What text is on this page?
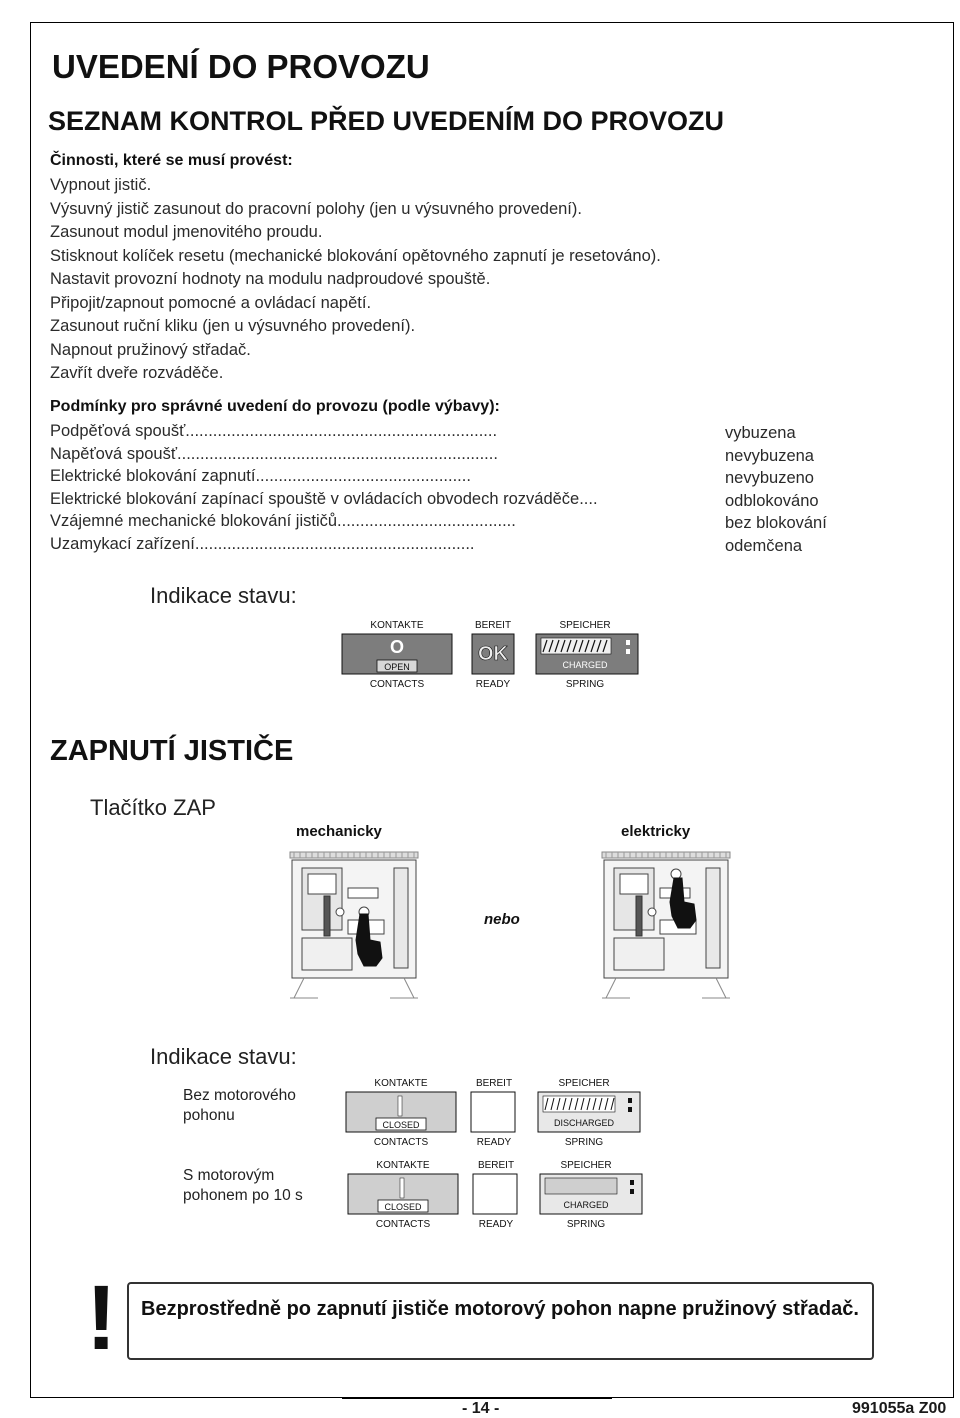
UVEDENÍ DO PROVOZU
SEZNAM KONTROL PŘED UVEDENÍM DO PROVOZU
Činnosti, které se musí provést:
Vypnout jistič.
Výsuvný jistič zasunout do pracovní polohy (jen u výsuvného provedení).
Zasunout modul jmenovitého proudu.
Stisknout kolíček resetu (mechanické blokování opětovného zapnutí je resetováno).
Nastavit provozní hodnoty na modulu nadproudové spouště.
Připojit/zapnout pomocné a ovládací napětí.
Zasunout ruční kliku (jen u výsuvného provedení).
Napnout pružinový střadač.
Zavřít dveře rozváděče.
Podmínky pro správné uvedení do provozu (podle výbavy):
Podpěťová spoušť....................................................................
Napěťová spoušť......................................................................
Elektrické blokování zapnutí...............................................
Elektrické blokování zapínací spouště v ovládacích obvodech rozváděče....
Vzájemné mechanické blokování jističů.......................................
Uzamykací zařízení.............................................................
vybuzena
nevybuzena
nevybuzeno
odblokováno
bez blokování
odemčena
Indikace stavu:
KONTAKTE
O
OPEN
CONTACTS
BEREIT
OK
READY
SPEICHER
CHARGED
SPRING
ZAPNUTÍ JISTIČE
Tlačítko ZAP
mechanicky	elektricky
nebo
Indikace stavu:
Bez motorového pohonu
S motorovým pohonem po 10 s
KONTAKTE
CLOSED
CONTACTS
BEREIT
READY
SPEICHER
DISCHARGED
SPRING
KONTAKTE
CLOSED
CONTACTS
BEREIT
READY
SPEICHER
CHARGED
SPRING
! Bezprostředně po zapnutí jističe motorový pohon napne pružinový střadač.
- 14 -	991055a Z00
